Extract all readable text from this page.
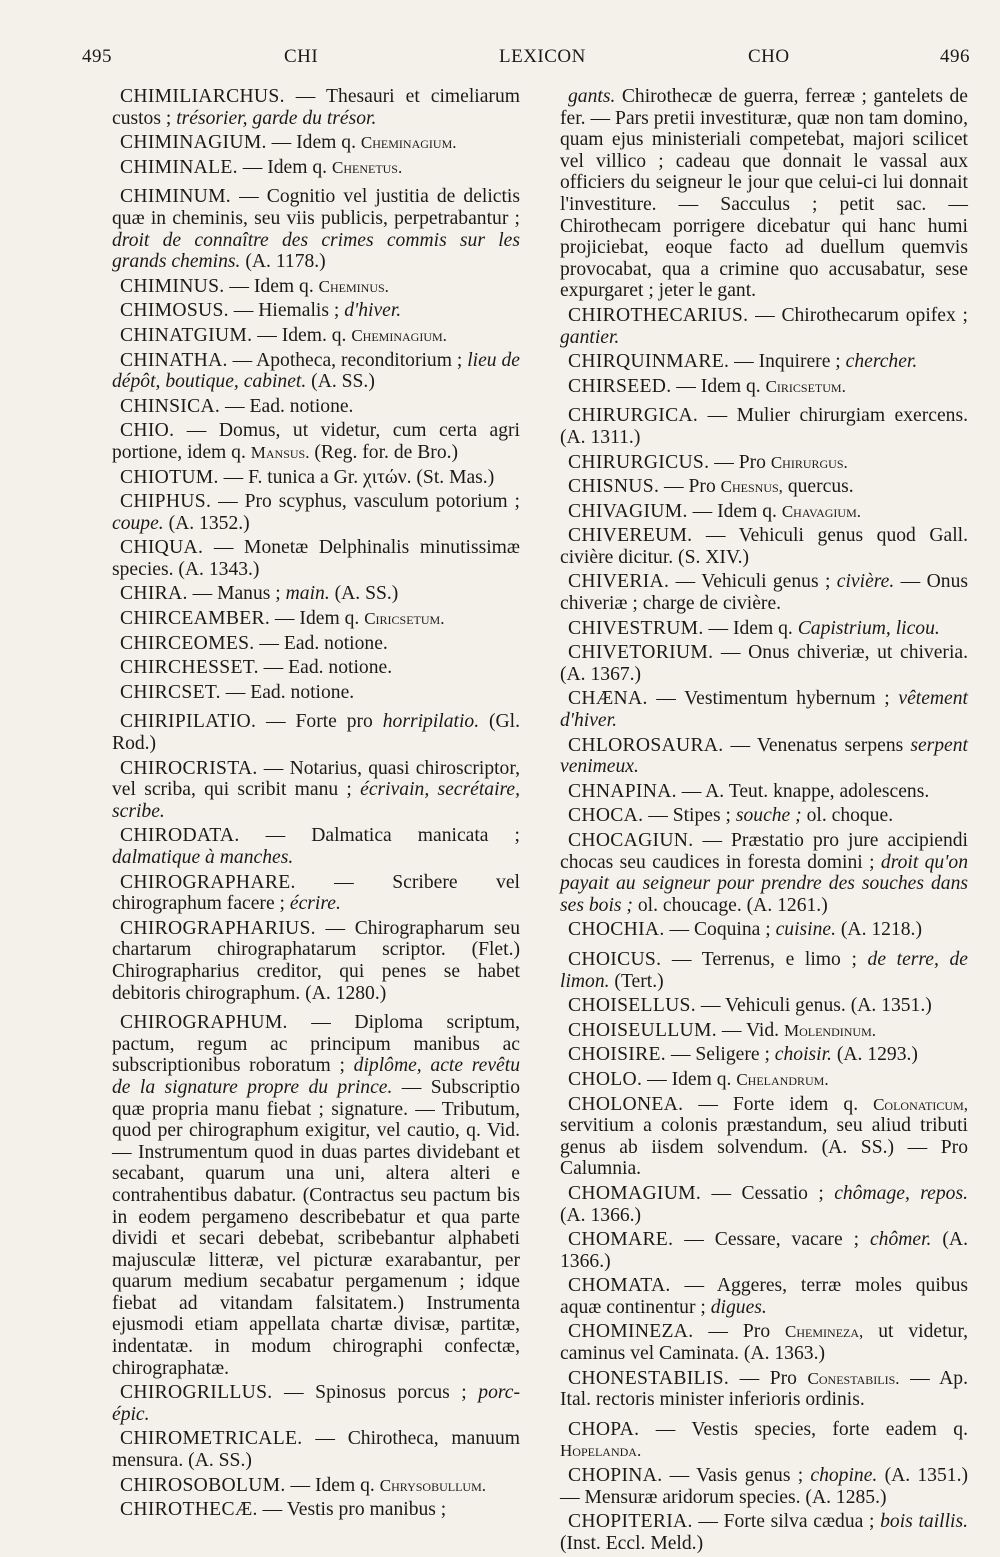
495	CHI	LEXICON	CHO	496

CHIMILIARCHUS. — Thesauri et cimeliarum custos ; trésorier, garde du trésor.

CHIMINAGIUM. — Idem q. Cheminagium.

CHIMINALE. — Idem q. Chenetus.

CHIMINUM. — Cognitio vel justitia de delictis quæ in cheminis, seu viis publicis, perpetrabantur ; droit de connaître des crimes commis sur les grands chemins. (A. 1178.)

CHIMINUS. — Idem q. Cheminus.

CHIMOSUS. — Hiemalis ; d'hiver.

CHINATGIUM. — Idem. q. Cheminagium.

CHINATHA. — Apotheca, reconditorium ; lieu de dépôt, boutique, cabinet. (A. SS.)

CHINSICA. — Ead. notione.

CHIO. — Domus, ut videtur, cum certa agri portione, idem q. Mansus. (Reg. for. de Bro.)

CHIOTUM. — F. tunica a Gr. χιτών. (St. Mas.)

CHIPHUS. — Pro scyphus, vasculum potorium ; coupe. (A. 1352.)

CHIQUA. — Monetæ Delphinalis minutissimæ species. (A. 1343.)

CHIRA. — Manus ; main. (A. SS.)

CHIRCEAMBER. — Idem q. Ciricsetum.

CHIRCEOMES. — Ead. notione.

CHIRCHESSET. — Ead. notione.

CHIRCSET. — Ead. notione.

CHIRIPILATIO. — Forte pro horripilatio. (Gl. Rod.)

CHIROCRISTA. — Notarius, quasi chiroscriptor, vel scriba, qui scribit manu ; écrivain, secrétaire, scribe.

CHIRODATA. — Dalmatica manicata ; dalmatique à manches.

CHIROGRAPHARE. — Scribere vel chirographum facere ; écrire.

CHIROGRAPHARIUS. — Chirographarum seu chartarum chirographatarum scriptor. (Flet.) Chirographarius creditor, qui penes se habet debitoris chirographum. (A. 1280.)

CHIROGRAPHUM. — Diploma scriptum, pactum, regum ac principum manibus ac subscriptionibus roboratum ; diplôme, acte revêtu de la signature propre du prince. — Subscriptio quæ propria manu fiebat ; signature. — Tributum, quod per chirographum exigitur, vel cautio, q. Vid. — Instrumentum quod in duas partes dividebant et secabant, quarum una uni, altera alteri e contrahentibus dabatur. (Contractus seu pactum bis in eodem pergameno describebatur et qua parte dividi et secari debebat, scribebantur alphabeti majusculæ litteræ, vel picturæ exarabantur, per quarum medium secabatur pergamenum ; idque fiebat ad vitandam falsitatem.) Instrumenta ejusmodi etiam appellata chartæ divisæ, partitæ, indentatæ. in modum chirographi confectæ, chirographatæ.

CHIROGRILLUS. — Spinosus porcus ; porc-épic.

CHIROMETRICALE. — Chirotheca, manuum mensura. (A. SS.)

CHIROSOBOLUM. — Idem q. Chrysobullum.

CHIROTHECÆ. — Vestis pro manibus ;

gants. Chirothecæ de guerra, ferreæ ; gantelets de fer. — Pars pretii investituræ, quæ non tam domino, quam ejus ministeriali competebat, majori scilicet vel villico ; cadeau que donnait le vassal aux officiers du seigneur le jour que celui-ci lui donnait l'investiture. — Sacculus ; petit sac. — Chirothecam porrigere dicebatur qui hanc humi projiciebat, eoque facto ad duellum quemvis provocabat, qua a crimine quo accusabatur, sese expurgaret ; jeter le gant.

CHIROTHECARIUS. — Chirothecarum opifex ; gantier.

CHIRQUINMARE. — Inquirere ; chercher.

CHIRSEED. — Idem q. Ciricsetum.

CHIRURGICA. — Mulier chirurgiam exercens. (A. 1311.)

CHIRURGICUS. — Pro Chirurgus.

CHISNUS. — Pro Chesnus, quercus.

CHIVAGIUM. — Idem q. Chavagium.

CHIVEREUM. — Vehiculi genus quod Gall. civière dicitur. (S. XIV.)

CHIVERIA. — Vehiculi genus ; civière. — Onus chiveriæ ; charge de civière.

CHIVESTRUM. — Idem q. Capistrium, licou.

CHIVETORIUM. — Onus chiveriæ, ut chiveria. (A. 1367.)

CHÆNA. — Vestimentum hybernum ; vêtement d'hiver.

CHLOROSAURA. — Venenatus serpens serpent venimeux.

CHNAPINA. — A. Teut. knappe, adolescens.

CHOCA. — Stipes ; souche ; ol. choque.

CHOCAGIUN. — Præstatio pro jure accipiendi chocas seu caudices in foresta domini ; droit qu'on payait au seigneur pour prendre des souches dans ses bois ; ol. choucage. (A. 1261.)

CHOCHIA. — Coquina ; cuisine. (A. 1218.)

CHOICUS. — Terrenus, e limo ; de terre, de limon. (Tert.)

CHOISELLUS. — Vehiculi genus. (A. 1351.)

CHOISEULLUM. — Vid. Molendinum.

CHOISIRE. — Seligere ; choisir. (A. 1293.)

CHOLO. — Idem q. Chelandrum.

CHOLONEA. — Forte idem q. Colonaticum, servitium a colonis præstandum, seu aliud tributi genus ab iisdem solvendum. (A. SS.) — Pro Calumnia.

CHOMAGIUM. — Cessatio ; chômage, repos. (A. 1366.)

CHOMARE. — Cessare, vacare ; chômer. (A. 1366.)

CHOMATA. — Aggeres, terræ moles quibus aquæ continentur ; digues.

CHOMINEZA. — Pro Chemineza, ut videtur, caminus vel Caminata. (A. 1363.)

CHONESTABILIS. — Pro Conestabilis. — Ap. Ital. rectoris minister inferioris ordinis.

CHOPA. — Vestis species, forte eadem q. Hopelanda.

CHOPINA. — Vasis genus ; chopine. (A. 1351.) — Mensuræ aridorum species. (A. 1285.)

CHOPITERIA. — Forte silva cædua ; bois taillis. (Inst. Eccl. Meld.)
